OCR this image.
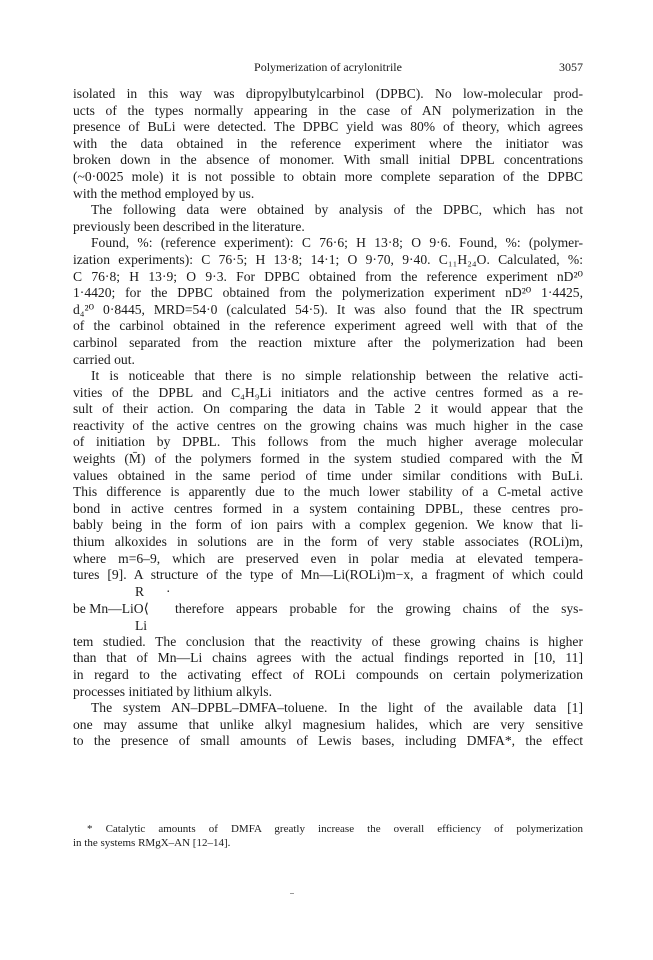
Polymerization of acrylonitrile	3057
isolated in this way was dipropylbutylcarbinol (DPBC). No low-molecular prod-
ucts of the types normally appearing in the case of AN polymerization in the
presence of BuLi were detected. The DPBC yield was 80% of theory, which agrees
with the data obtained in the reference experiment where the initiator was
broken down in the absence of monomer. With small initial DPBL concentrations
(~0·0025 mole) it is not possible to obtain more complete separation of the DPBC
with the method employed by us.
The following data were obtained by analysis of the DPBC, which has not
previously been described in the literature.
Found, %: (reference experiment): C 76·6; H 13·8; O 9·6. Found, %: (polymer-
ization experiments): C 76·5; H 13·8; 14·1; O 9·70, 9·40. C₁₁H₂₄O. Calculated, %:
C 76·8; H 13·9; O 9·3. For DPBC obtained from the reference experiment nD²⁰
1·4420; for the DPBC obtained from the polymerization experiment nD²⁰ 1·4425,
d₄²⁰ 0·8445, MRD=54·0 (calculated 54·5). It was also found that the IR spectrum
of the carbinol obtained in the reference experiment agreed well with that of the
carbinol separated from the reaction mixture after the polymerization had been
carried out.
It is noticeable that there is no simple relationship between the relative acti-
vities of the DPBL and C₄H₉Li initiators and the active centres formed as a re-
sult of their action. On comparing the data in Table 2 it would appear that the
reactivity of the active centres on the growing chains was much higher in the case
of initiation by DPBL. This follows from the much higher average molecular
weights (M̄) of the polymers formed in the system studied compared with the M̄
values obtained in the same period of time under similar conditions with BuLi.
This difference is apparently due to the much lower stability of a C-metal active
bond in active centres formed in a system containing DPBL, these centres pro-
bably being in the form of ion pairs with a complex gegenion. We know that li-
thium alkoxides in solutions are in the form of very stable associates (ROLi)m,
where m=6–9, which are preserved even in polar media at elevated tempera-
tures [9]. A structure of the type of Mn—Li(ROLi)m−x, a fragment of which could
R ·
be Mn—LiO⟨
Li
therefore appears probable for the growing chains of the sys-
tem studied. The conclusion that the reactivity of these growing chains is higher
than that of Mn—Li chains agrees with the actual findings reported in [10, 11]
in regard to the activating effect of ROLi compounds on certain polymerization
processes initiated by lithium alkyls.
The system AN–DPBL–DMFA–toluene. In the light of the available data [1]
one may assume that unlike alkyl magnesium halides, which are very sensitive
to the presence of small amounts of Lewis bases, including DMFA*, the effect
* Catalytic amounts of DMFA greatly increase the overall efficiency of polymerization
in the systems RMgX–AN [12–14].
